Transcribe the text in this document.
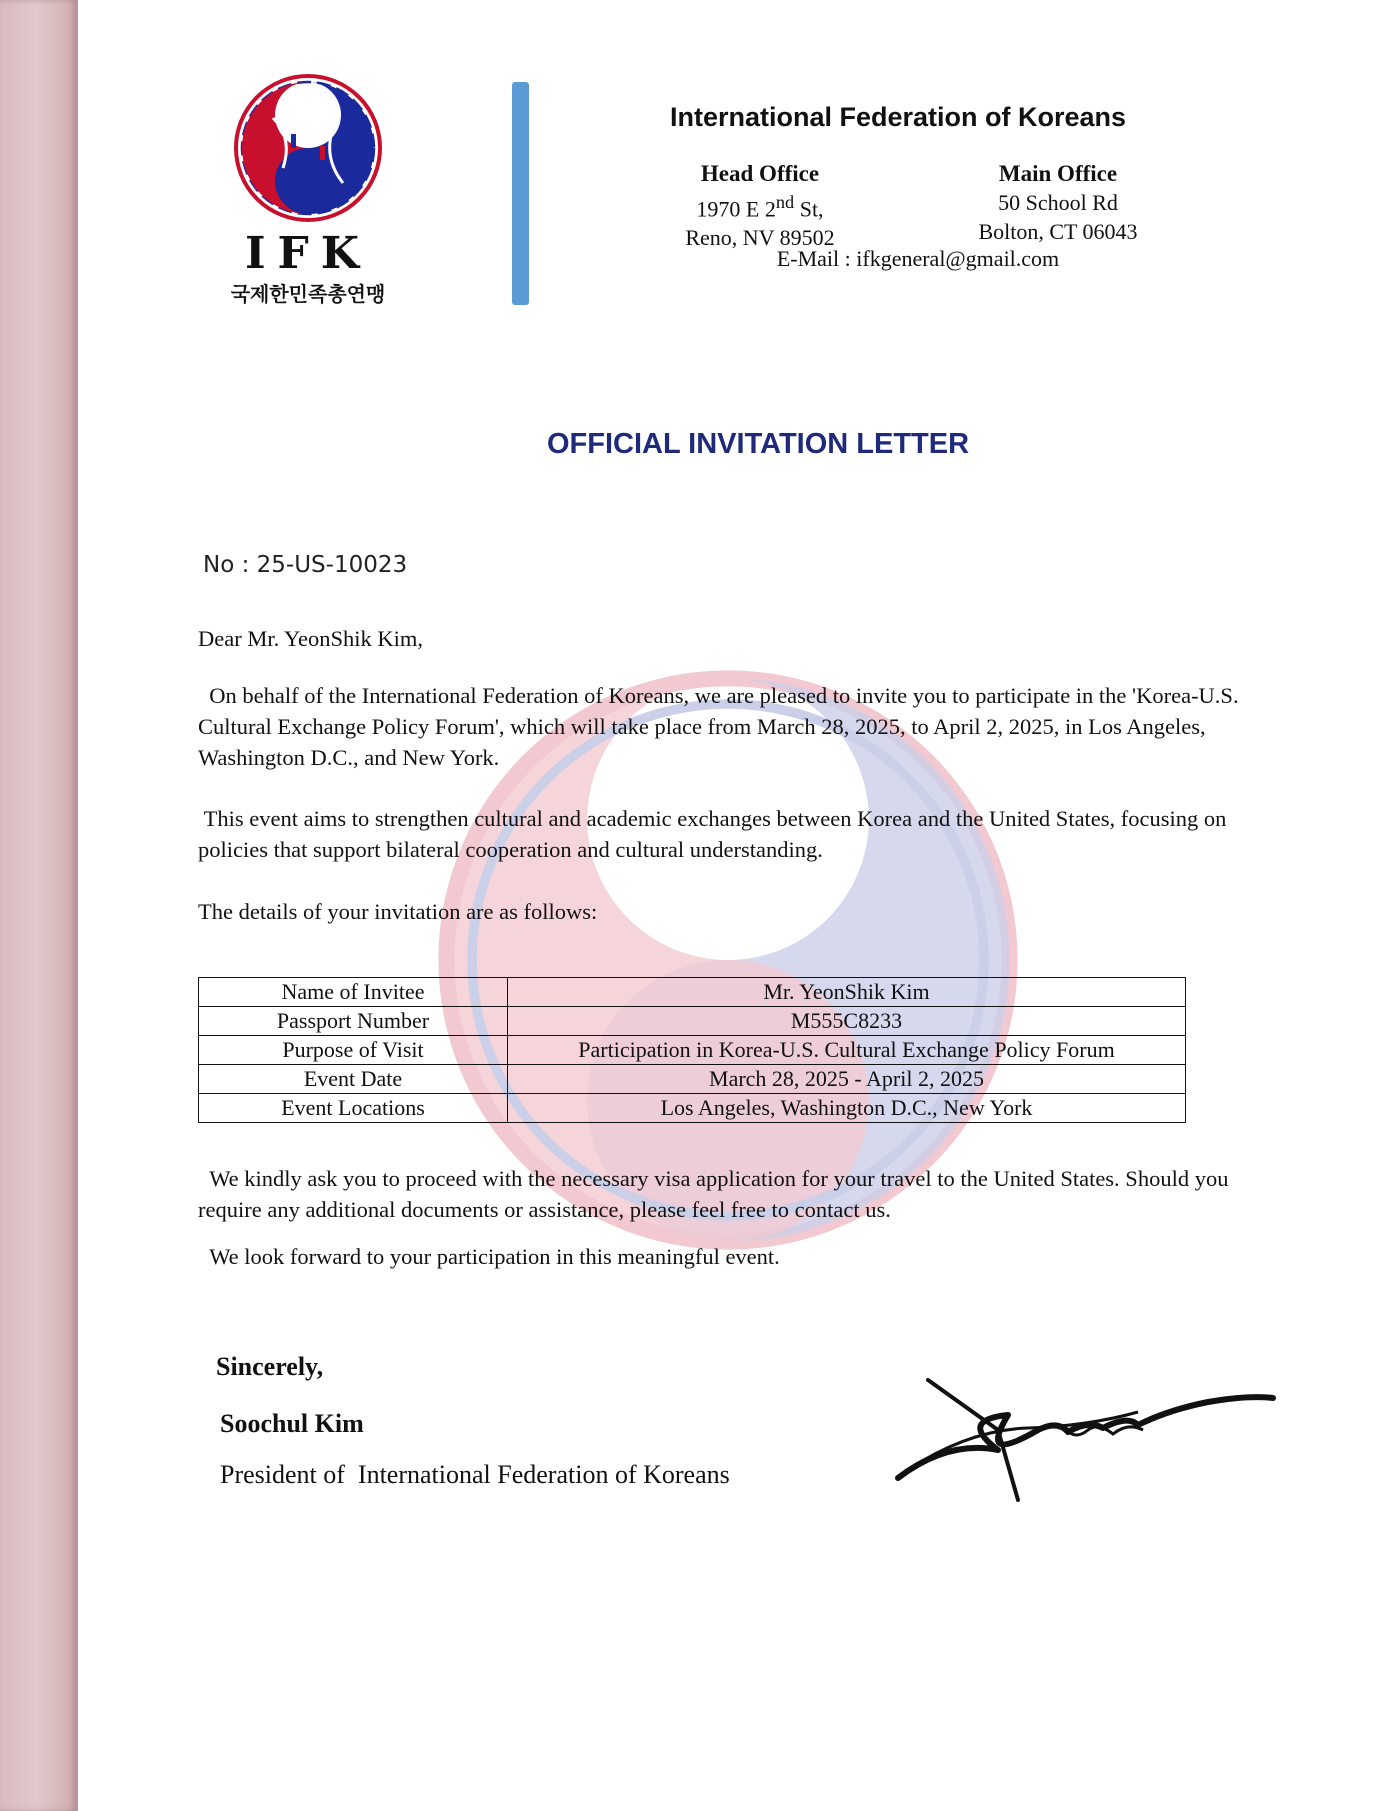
IFK
국제한민족총연맹
International Federation of Koreans
Head Office
1970 E 2nd St,
Reno, NV 89502
Main Office
50 School Rd
Bolton, CT 06043
E-Mail : ifkgeneral@gmail.com
OFFICIAL INVITATION LETTER
No : 25-US-10023
Dear Mr. YeonShik Kim,
On behalf of the International Federation of Koreans, we are pleased to invite you to participate in the 'Korea-U.S. Cultural Exchange Policy Forum', which will take place from March 28, 2025, to April 2, 2025, in Los Angeles, Washington D.C., and New York.
This event aims to strengthen cultural and academic exchanges between Korea and the United States, focusing on policies that support bilateral cooperation and cultural understanding.
The details of your invitation are as follows:
Name of Invitee	Mr. YeonShik Kim
Passport Number	M555C8233
Purpose of Visit	Participation in Korea-U.S. Cultural Exchange Policy Forum
Event Date	March 28, 2025 - April 2, 2025
Event Locations	Los Angeles, Washington D.C., New York
We kindly ask you to proceed with the necessary visa application for your travel to the United States. Should you require any additional documents or assistance, please feel free to contact us.
We look forward to your participation in this meaningful event.
Sincerely,
Soochul Kim
President of  International Federation of Koreans
